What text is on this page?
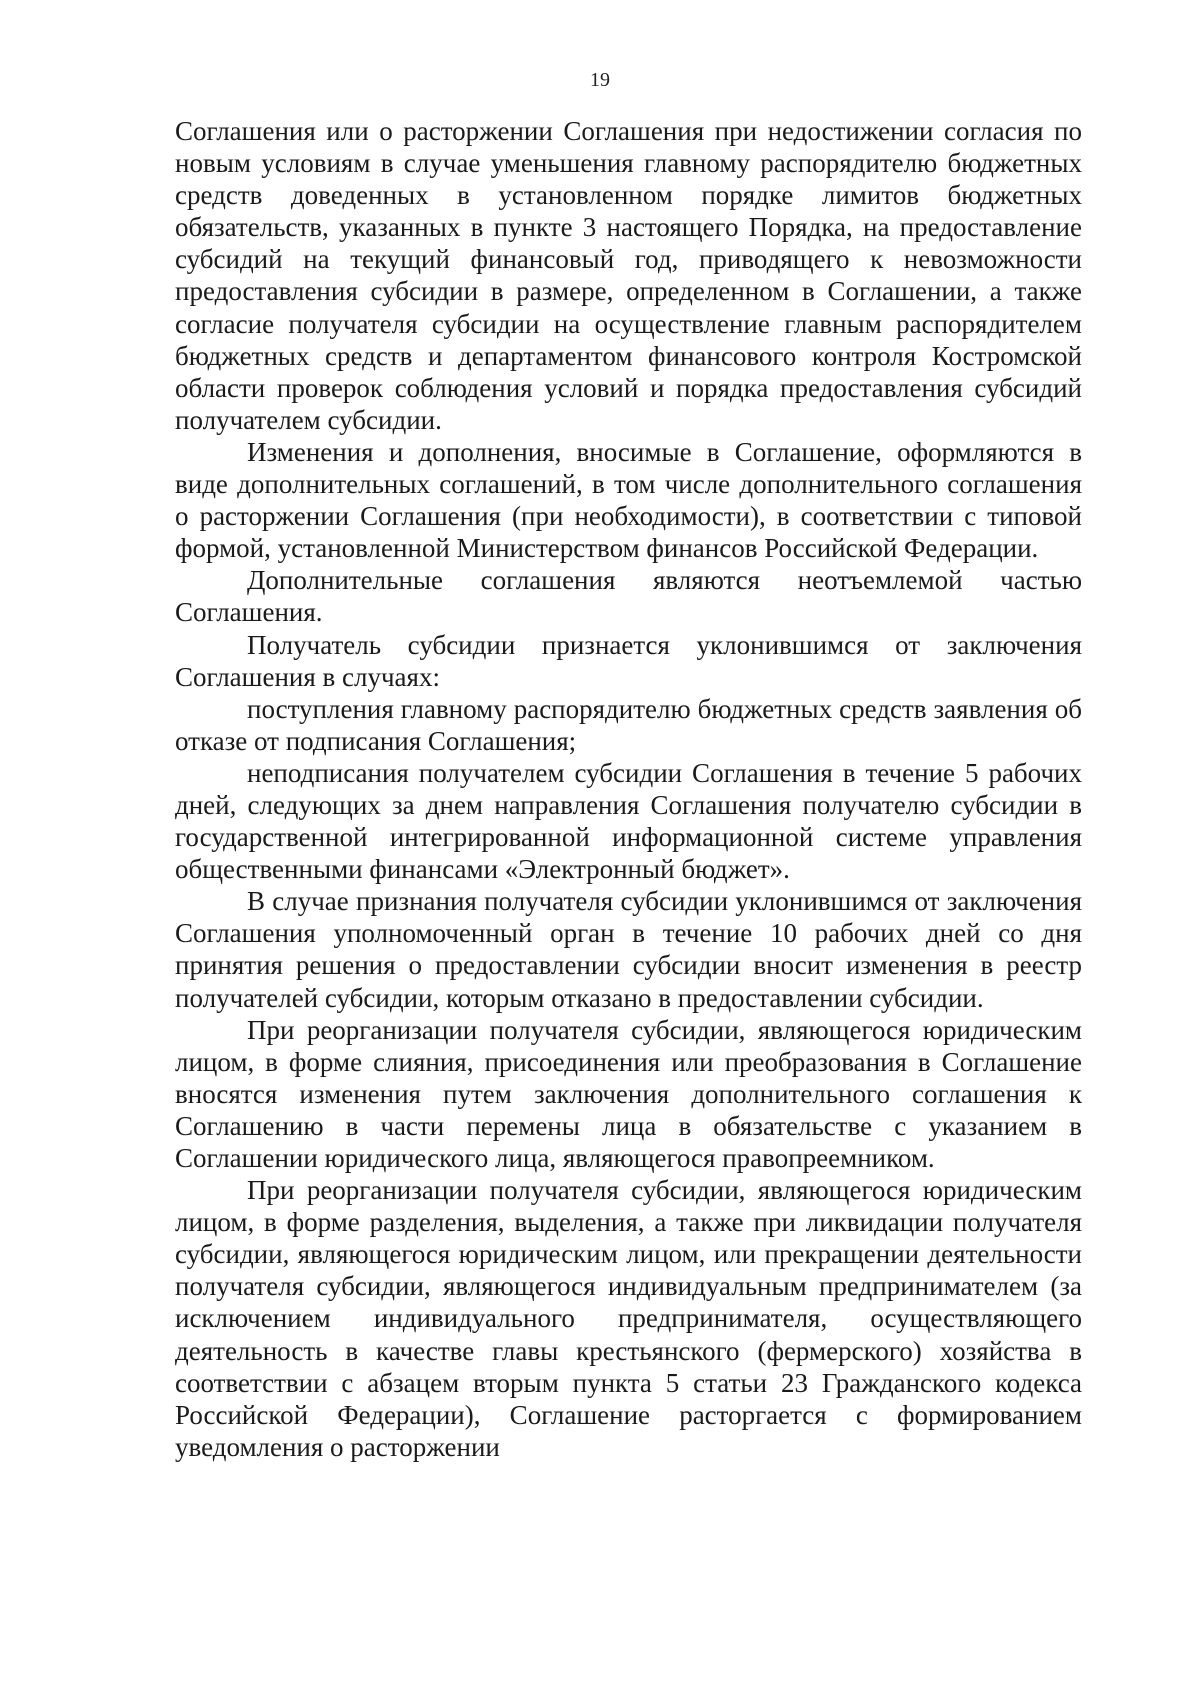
19

Соглашения или о расторжении Соглашения при недостижении согласия по новым условиям в случае уменьшения главному распорядителю бюджетных средств доведенных в установленном порядке лимитов бюджетных обязательств, указанных в пункте 3 настоящего Порядка, на предоставление субсидий на текущий финансовый год, приводящего к невозможности предоставления субсидии в размере, определенном в Соглашении, а также согласие получателя субсидии на осуществление главным распорядителем бюджетных средств и департаментом финансового контроля Костромской области проверок соблюдения условий и порядка предоставления субсидий получателем субсидии.

Изменения и дополнения, вносимые в Соглашение, оформляются в виде дополнительных соглашений, в том числе дополнительного соглашения о расторжении Соглашения (при необходимости), в соответствии с типовой формой, установленной Министерством финансов Российской Федерации.

Дополнительные соглашения являются неотъемлемой частью Соглашения.

Получатель субсидии признается уклонившимся от заключения Соглашения в случаях:

поступления главному распорядителю бюджетных средств заявления об отказе от подписания Соглашения;

неподписания получателем субсидии Соглашения в течение 5 рабочих дней, следующих за днем направления Соглашения получателю субсидии в государственной интегрированной информационной системе управления общественными финансами «Электронный бюджет».

В случае признания получателя субсидии уклонившимся от заключения Соглашения уполномоченный орган в течение 10 рабочих дней со дня принятия решения о предоставлении субсидии вносит изменения в реестр получателей субсидии, которым отказано в предоставлении субсидии.

При реорганизации получателя субсидии, являющегося юридическим лицом, в форме слияния, присоединения или преобразования в Соглашение вносятся изменения путем заключения дополнительного соглашения к Соглашению в части перемены лица в обязательстве с указанием в Соглашении юридического лица, являющегося правопреемником.

При реорганизации получателя субсидии, являющегося юридическим лицом, в форме разделения, выделения, а также при ликвидации получателя субсидии, являющегося юридическим лицом, или прекращении деятельности получателя субсидии, являющегося индивидуальным предпринимателем (за исключением индивидуального предпринимателя, осуществляющего деятельность в качестве главы крестьянского (фермерского) хозяйства в соответствии с абзацем вторым пункта 5 статьи 23 Гражданского кодекса Российской Федерации), Соглашение расторгается с формированием уведомления о расторжении
